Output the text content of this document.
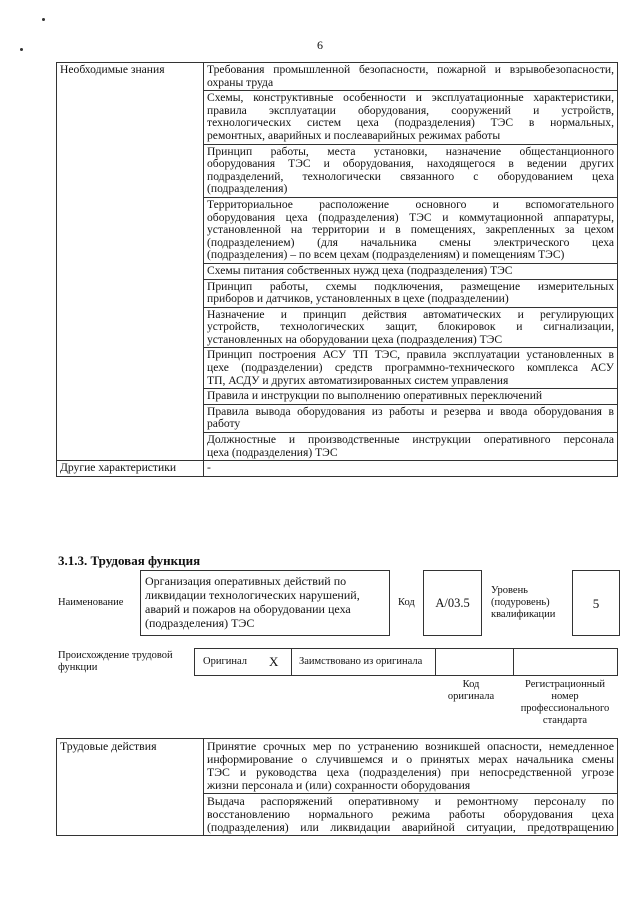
6
Необходимые знания	Требования промышленной безопасности, пожарной и взрывобезопасности,
охраны труда

	Схемы, конструктивные особенности и эксплуатационные характеристики,
правила эксплуатации оборудования, сооружений и устройств,
технологических систем цеха (подразделения) ТЭС в нормальных,
ремонтных, аварийных и послеаварийных режимах работы

	Принцип работы, места установки, назначение общестанционного
оборудования ТЭС и оборудования, находящегося в ведении других
подразделений, технологически связанного с оборудованием цеха
(подразделения)

	Территориальное расположение основного и вспомогательного
оборудования цеха (подразделения) ТЭС и коммутационной аппаратуры,
установленной на территории и в помещениях, закрепленных за цехом
(подразделением) (для начальника смены электрического цеха
(подразделения) – по всем цехам (подразделениям) и помещениям ТЭС)

	Схемы питания собственных нужд цеха (подразделения) ТЭС

	Принцип работы, схемы подключения, размещение измерительных
приборов и датчиков, установленных в цехе (подразделении)

	Назначение и принцип действия автоматических и регулирующих
устройств, технологических защит, блокировок и сигнализации,
установленных на оборудовании цеха (подразделения) ТЭС

	Принцип построения АСУ ТП ТЭС, правила эксплуатации установленных в
цехе (подразделении) средств программно-технического комплекса АСУ
ТП, АСДУ и других автоматизированных систем управления

	Правила и инструкции по выполнению оперативных переключений

	Правила вывода оборудования из работы и резерва и ввода оборудования в
работу

	Должностные и производственные инструкции оперативного персонала
цеха (подразделения) ТЭС

Другие характеристики	-
3.1.3. Трудовая функция
Наименование
Организация оперативных действий по
ликвидации технологических нарушений,
аварий и пожаров на оборудовании цеха
(подразделения) ТЭС
Код	А/03.5
Уровень
(подуровень)
квалификации
5
Происхождение трудовой
функции
Оригинал X Заимствовано из оригинала
Код
оригинала
Регистрационный
номер
профессионального
стандарта
Трудовые действия	Принятие срочных мер по устранению возникшей опасности, немедленное
информирование о случившемся и о принятых мерах начальника смены
ТЭС и руководства цеха (подразделения) при непосредственной угрозе
жизни персонала и (или) сохранности оборудования

Выдача распоряжений оперативному и ремонтному персоналу по
восстановлению нормального режима работы оборудования цеха
(подразделения) или ликвидации аварийной ситуации, предотвращению
